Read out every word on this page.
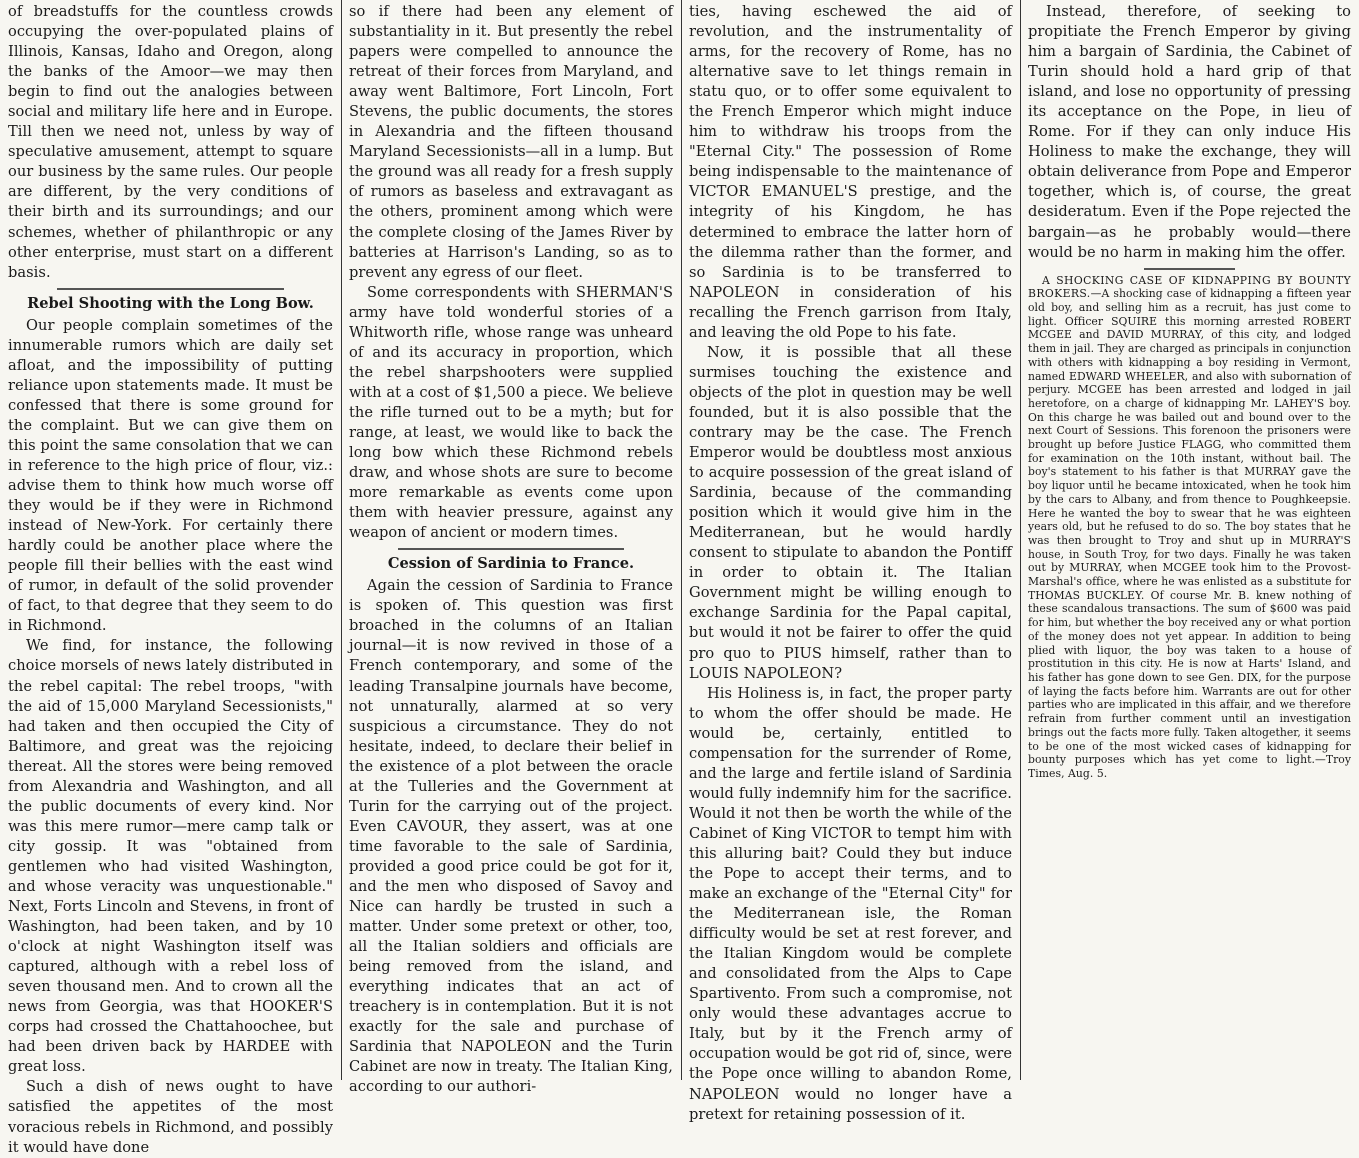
of breadstuffs for the countless crowds occupying the over-populated plains of Illinois, Kansas, Idaho and Oregon, along the banks of the Amoor—we may then begin to find out the analogies between social and military life here and in Europe. Till then we need not, unless by way of speculative amusement, attempt to square our business by the same rules. Our people are different, by the very conditions of their birth and its surroundings; and our schemes, whether of philanthropic or any other enterprise, must start on a different basis.

Rebel Shooting with the Long Bow.

Our people complain sometimes of the innumerable rumors which are daily set afloat, and the impossibility of putting reliance upon statements made. It must be confessed that there is some ground for the complaint. But we can give them on this point the same consolation that we can in reference to the high price of flour, viz.: advise them to think how much worse off they would be if they were in Richmond instead of New-York. For certainly there hardly could be another place where the people fill their bellies with the east wind of rumor, in default of the solid provender of fact, to that degree that they seem to do in Richmond.

We find, for instance, the following choice morsels of news lately distributed in the rebel capital: The rebel troops, "with the aid of 15,000 Maryland Secessionists," had taken and then occupied the City of Baltimore, and great was the rejoicing thereat. All the stores were being removed from Alexandria and Washington, and all the public documents of every kind. Nor was this mere rumor—mere camp talk or city gossip. It was "obtained from gentlemen who had visited Washington, and whose veracity was unquestionable." Next, Forts Lincoln and Stevens, in front of Washington, had been taken, and by 10 o'clock at night Washington itself was captured, although with a rebel loss of seven thousand men. And to crown all the news from Georgia, was that HOOKER'S corps had crossed the Chattahoochee, but had been driven back by HARDEE with great loss.

Such a dish of news ought to have satisfied the appetites of the most voracious rebels in Richmond, and possibly it would have done

so if there had been any element of substantiality in it. But presently the rebel papers were compelled to announce the retreat of their forces from Maryland, and away went Baltimore, Fort Lincoln, Fort Stevens, the public documents, the stores in Alexandria and the fifteen thousand Maryland Secessionists—all in a lump. But the ground was all ready for a fresh supply of rumors as baseless and extravagant as the others, prominent among which were the complete closing of the James River by batteries at Harrison's Landing, so as to prevent any egress of our fleet.

Some correspondents with SHERMAN'S army have told wonderful stories of a Whitworth rifle, whose range was unheard of and its accuracy in proportion, which the rebel sharpshooters were supplied with at a cost of $1,500 a piece. We believe the rifle turned out to be a myth; but for range, at least, we would like to back the long bow which these Richmond rebels draw, and whose shots are sure to become more remarkable as events come upon them with heavier pressure, against any weapon of ancient or modern times.

Cession of Sardinia to France.

Again the cession of Sardinia to France is spoken of. This question was first broached in the columns of an Italian journal—it is now revived in those of a French contemporary, and some of the leading Transalpine journals have become, not unnaturally, alarmed at so very suspicious a circumstance. They do not hesitate, indeed, to declare their belief in the existence of a plot between the oracle at the Tulleries and the Government at Turin for the carrying out of the project. Even CAVOUR, they assert, was at one time favorable to the sale of Sardinia, provided a good price could be got for it, and the men who disposed of Savoy and Nice can hardly be trusted in such a matter. Under some pretext or other, too, all the Italian soldiers and officials are being removed from the island, and everything indicates that an act of treachery is in contemplation. But it is not exactly for the sale and purchase of Sardinia that NAPOLEON and the Turin Cabinet are now in treaty. The Italian King, according to our authori-

ties, having eschewed the aid of revolution, and the instrumentality of arms, for the recovery of Rome, has no alternative save to let things remain in statu quo, or to offer some equivalent to the French Emperor which might induce him to withdraw his troops from the "Eternal City." The possession of Rome being indispensable to the maintenance of VICTOR EMANUEL'S prestige, and the integrity of his Kingdom, he has determined to embrace the latter horn of the dilemma rather than the former, and so Sardinia is to be transferred to NAPOLEON in consideration of his recalling the French garrison from Italy, and leaving the old Pope to his fate.

Now, it is possible that all these surmises touching the existence and objects of the plot in question may be well founded, but it is also possible that the contrary may be the case. The French Emperor would be doubtless most anxious to acquire possession of the great island of Sardinia, because of the commanding position which it would give him in the Mediterranean, but he would hardly consent to stipulate to abandon the Pontiff in order to obtain it. The Italian Government might be willing enough to exchange Sardinia for the Papal capital, but would it not be fairer to offer the quid pro quo to PIUS himself, rather than to LOUIS NAPOLEON?

His Holiness is, in fact, the proper party to whom the offer should be made. He would be, certainly, entitled to compensation for the surrender of Rome, and the large and fertile island of Sardinia would fully indemnify him for the sacrifice. Would it not then be worth the while of the Cabinet of King VICTOR to tempt him with this alluring bait? Could they but induce the Pope to accept their terms, and to make an exchange of the "Eternal City" for the Mediterranean isle, the Roman difficulty would be set at rest forever, and the Italian Kingdom would be complete and consolidated from the Alps to Cape Spartivento. From such a compromise, not only would these advantages accrue to Italy, but by it the French army of occupation would be got rid of, since, were the Pope once willing to abandon Rome, NAPOLEON would no longer have a pretext for retaining possession of it.

Instead, therefore, of seeking to propitiate the French Emperor by giving him a bargain of Sardinia, the Cabinet of Turin should hold a hard grip of that island, and lose no opportunity of pressing its acceptance on the Pope, in lieu of Rome. For if they can only induce His Holiness to make the exchange, they will obtain deliverance from Pope and Emperor together, which is, of course, the great desideratum. Even if the Pope rejected the bargain—as he probably would—there would be no harm in making him the offer.

A SHOCKING CASE OF KIDNAPPING BY BOUNTY BROKERS.—A shocking case of kidnapping a fifteen year old boy, and selling him as a recruit, has just come to light. Officer SQUIRE this morning arrested ROBERT MCGEE and DAVID MURRAY, of this city, and lodged them in jail. They are charged as principals in conjunction with others with kidnapping a boy residing in Vermont, named EDWARD WHEELER, and also with subornation of perjury. MCGEE has been arrested and lodged in jail heretofore, on a charge of kidnapping Mr. LAHEY'S boy. On this charge he was bailed out and bound over to the next Court of Sessions. This forenoon the prisoners were brought up before Justice FLAGG, who committed them for examination on the 10th instant, without bail. The boy's statement to his father is that MURRAY gave the boy liquor until he became intoxicated, when he took him by the cars to Albany, and from thence to Poughkeepsie. Here he wanted the boy to swear that he was eighteen years old, but he refused to do so. The boy states that he was then brought to Troy and shut up in MURRAY'S house, in South Troy, for two days. Finally he was taken out by MURRAY, when MCGEE took him to the Provost-Marshal's office, where he was enlisted as a substitute for THOMAS BUCKLEY. Of course Mr. B. knew nothing of these scandalous transactions. The sum of $600 was paid for him, but whether the boy received any or what portion of the money does not yet appear. In addition to being plied with liquor, the boy was taken to a house of prostitution in this city. He is now at Harts' Island, and his father has gone down to see Gen. DIX, for the purpose of laying the facts before him. Warrants are out for other parties who are implicated in this affair, and we therefore refrain from further comment until an investigation brings out the facts more fully. Taken altogether, it seems to be one of the most wicked cases of kidnapping for bounty purposes which has yet come to light.—Troy Times, Aug. 5.
